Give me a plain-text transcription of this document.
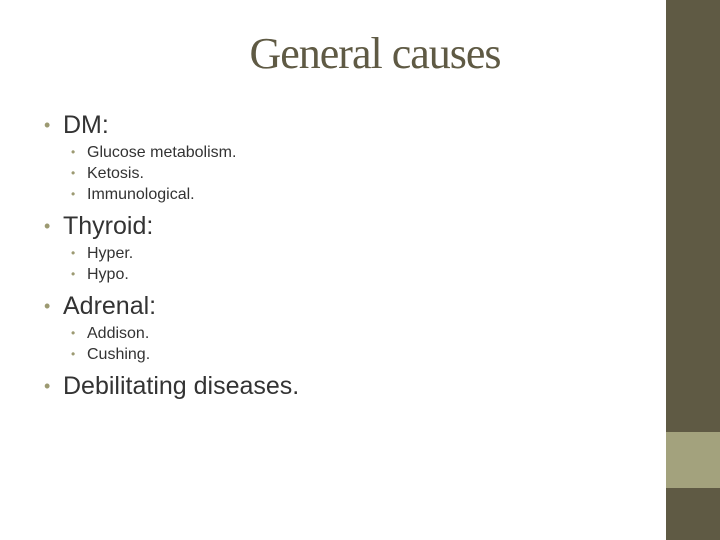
General causes
• DM:
• Glucose metabolism.
• Ketosis.
• Immunological.
• Thyroid:
• Hyper.
• Hypo.
• Adrenal:
• Addison.
• Cushing.
• Debilitating diseases.
